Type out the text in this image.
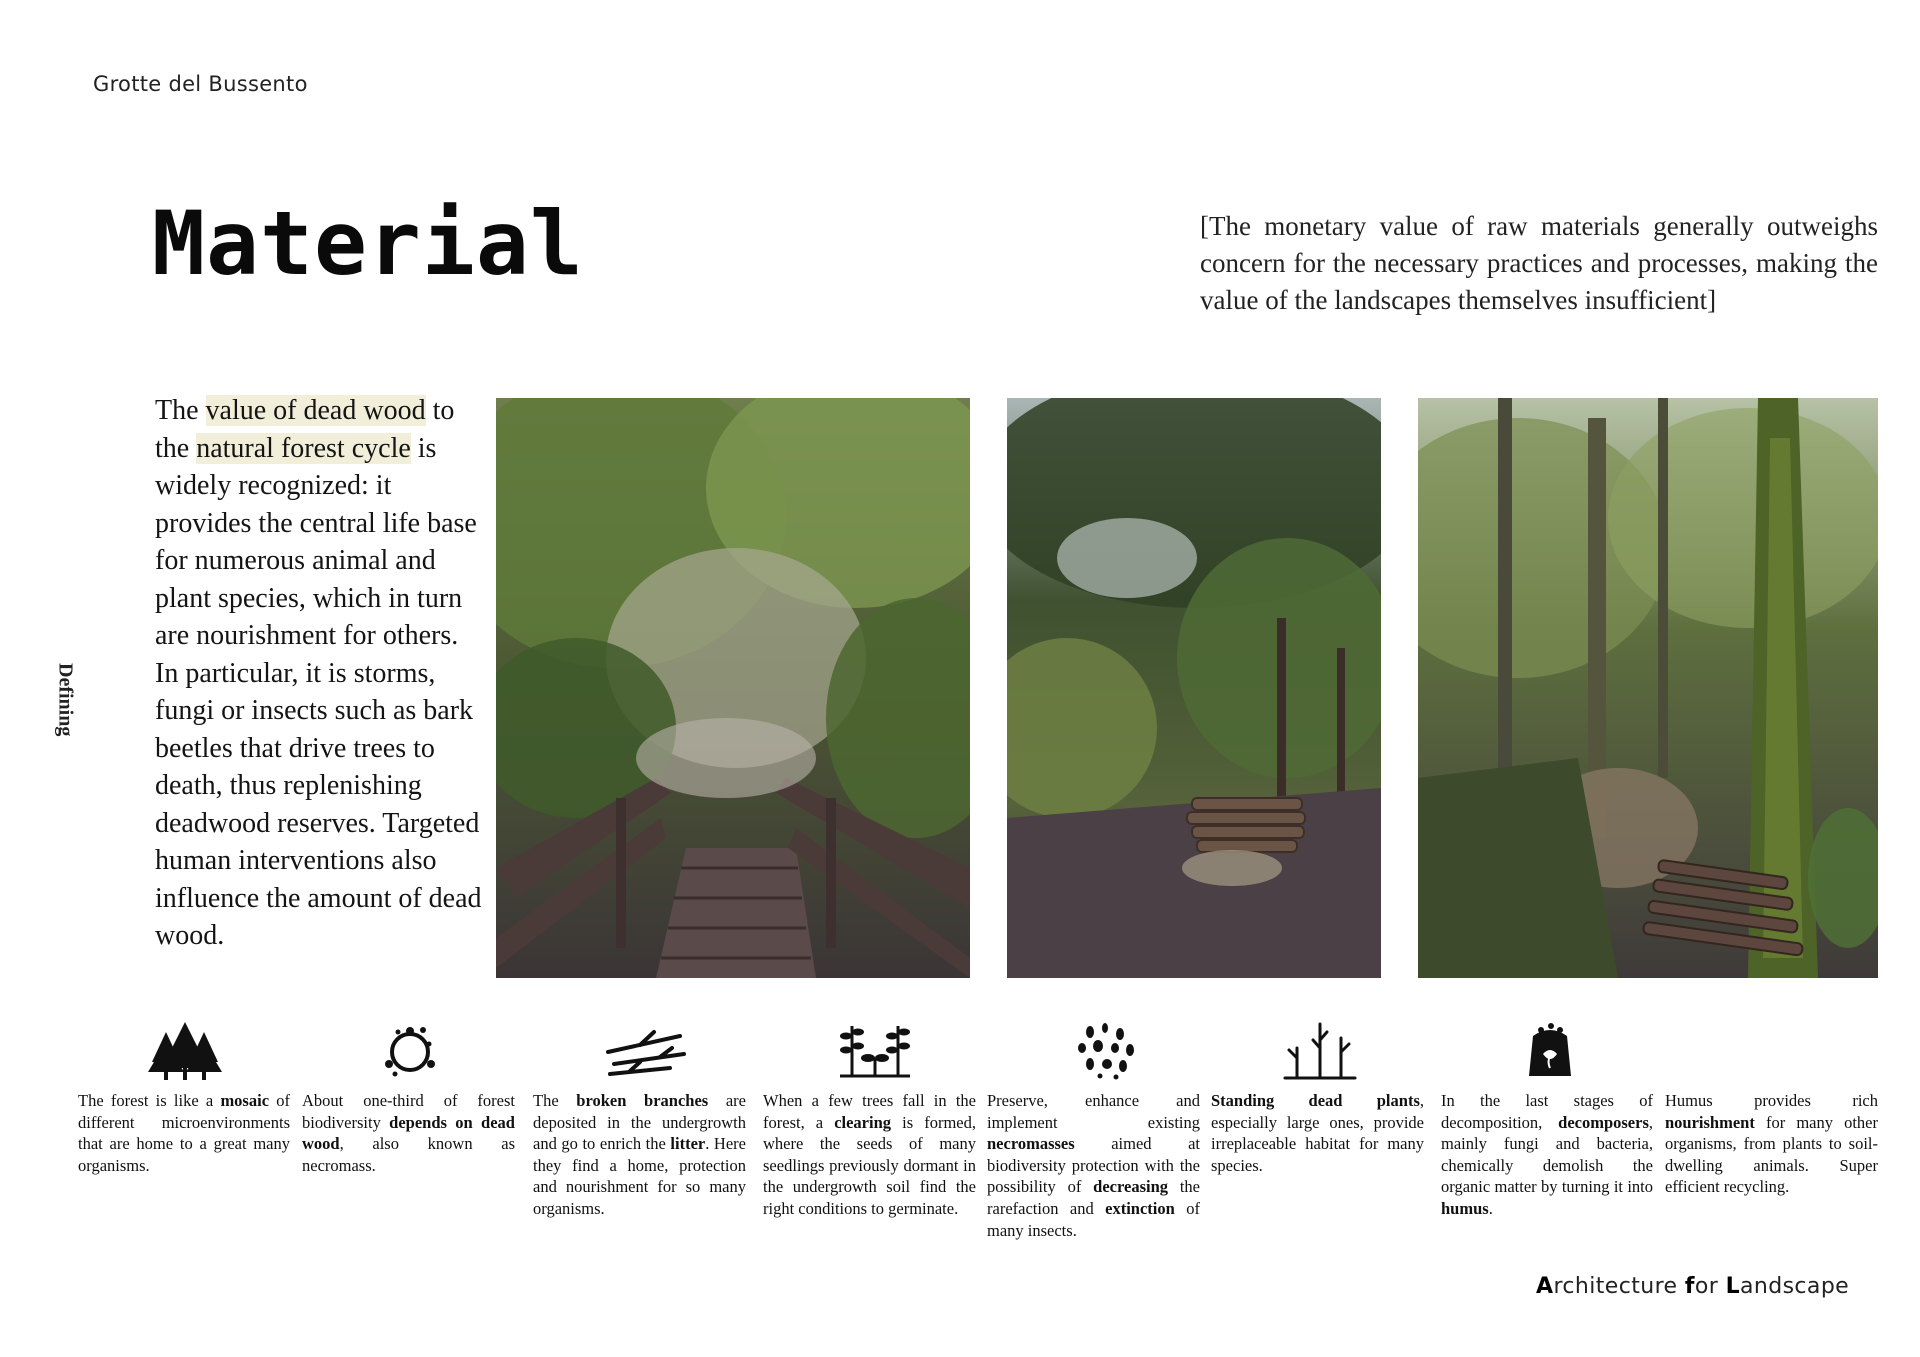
Grotte del Bussento
Material	[The monetary value of raw materials generally outweighs concern for the necessary practices and processes, making the value of the landscapes themselves insufficient]
Defining
The value of dead wood to the natural forest cycle is widely recognized: it provides the central life base for numerous animal and plant species, which in turn are nourishment for others. In particular, it is storms, fungi or insects such as bark beetles that drive trees to death, thus replenishing deadwood reserves. Targeted human interventions also influence the amount of dead wood.
The forest is like a mosaic of different microenvironments that are home to a great many organisms.
About one-third of forest biodiversity depends on dead wood, also known as necromass.
The broken branches are deposited in the undergrowth and go to enrich the litter. Here they find a home, protection and nourishment for so many organisms.
When a few trees fall in the forest, a clearing is formed, where the seeds of many seedlings previously dormant in the undergrowth soil find the right conditions to germinate.
Preserve, enhance and implement existing necromasses aimed at biodiversity protection with the possibility of decreasing the rarefaction and extinction of many insects.
Standing dead plants, especially large ones, provide irreplaceable habitat for many species.
In the last stages of decomposition, decomposers, mainly fungi and bacteria, chemically demolish the organic matter by turning it into humus.
Humus provides rich nourishment for many other organisms, from plants to soil-dwelling animals. Super efficient recycling.
Architecture for Landscape
